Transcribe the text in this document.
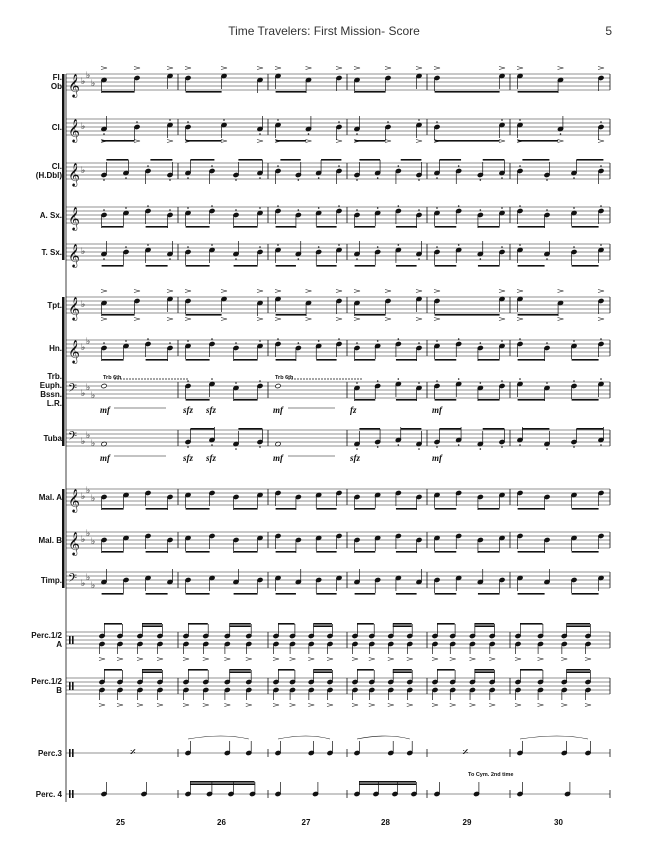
Time Travelers: First Mission- Score	5
Fl.
Ob
Cl.
Cl.
(H.Dbl)
A. Sx.
T. Sx.
Tpt.
Hn.
Trb.
Euph.
Bssn.
L.R.
Tuba
Mal. A
Mal. B
Timp.
Perc.1/2
A
Perc.1/2
B
Perc.3
Perc. 4
25	26	27	28	29	30
𝄞 ♭
♭
♭
𝄞 ♭
𝄞 ♭
𝄞
𝄞 ♭
𝄞 ♭
𝄞 ♭
♭
𝄢 ♭
♭
♭
𝄢 ♭
♭
♭
𝄞 ♭
♭
♭
𝄞 ♭
♭
♭
𝄢 ♭
♭
♭
𝄎	𝄎
Trb 6th	Trb 6th
To Cym. 2nd time
mf	sfz sfz	mf	fz	mf
mf	sfz sfz	mf	sfz	mf
